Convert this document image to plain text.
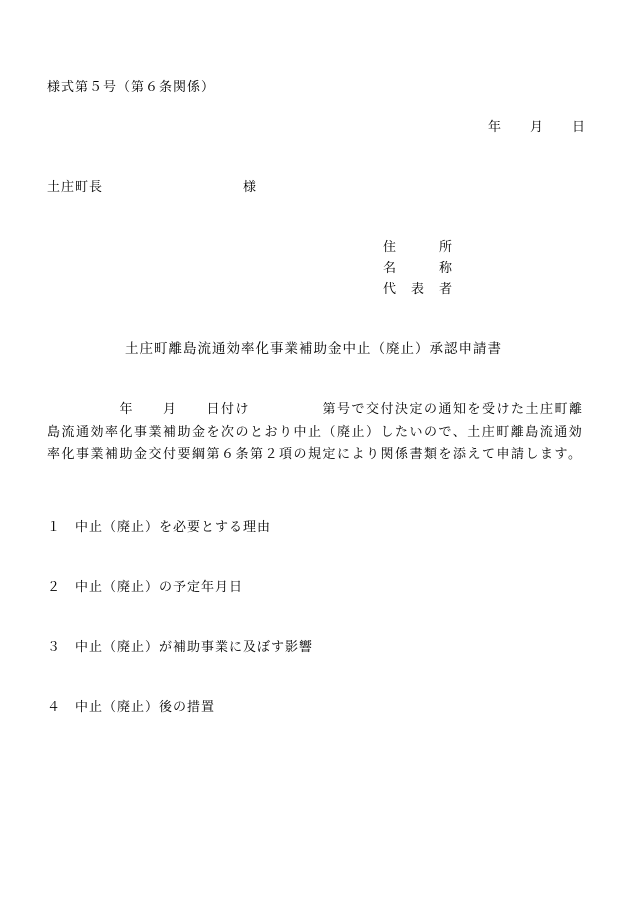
様式第５号（第６条関係）
年　　月　　日
土庄町長　　　　　　　　　　様
住　　　所
名　　　称
代　表　者
土庄町離島流通効率化事業補助金中止（廃止）承認申請書
　　　　　年　　月　　日付け　　　　　第号で交付決定の通知を受けた土庄町離島流通効率化事業補助金を次のとおり中止（廃止）したいので、土庄町離島流通効率化事業補助金交付要綱第６条第２項の規定により関係書類を添えて申請します。
１　中止（廃止）を必要とする理由
２　中止（廃止）の予定年月日
３　中止（廃止）が補助事業に及ぼす影響
４　中止（廃止）後の措置
